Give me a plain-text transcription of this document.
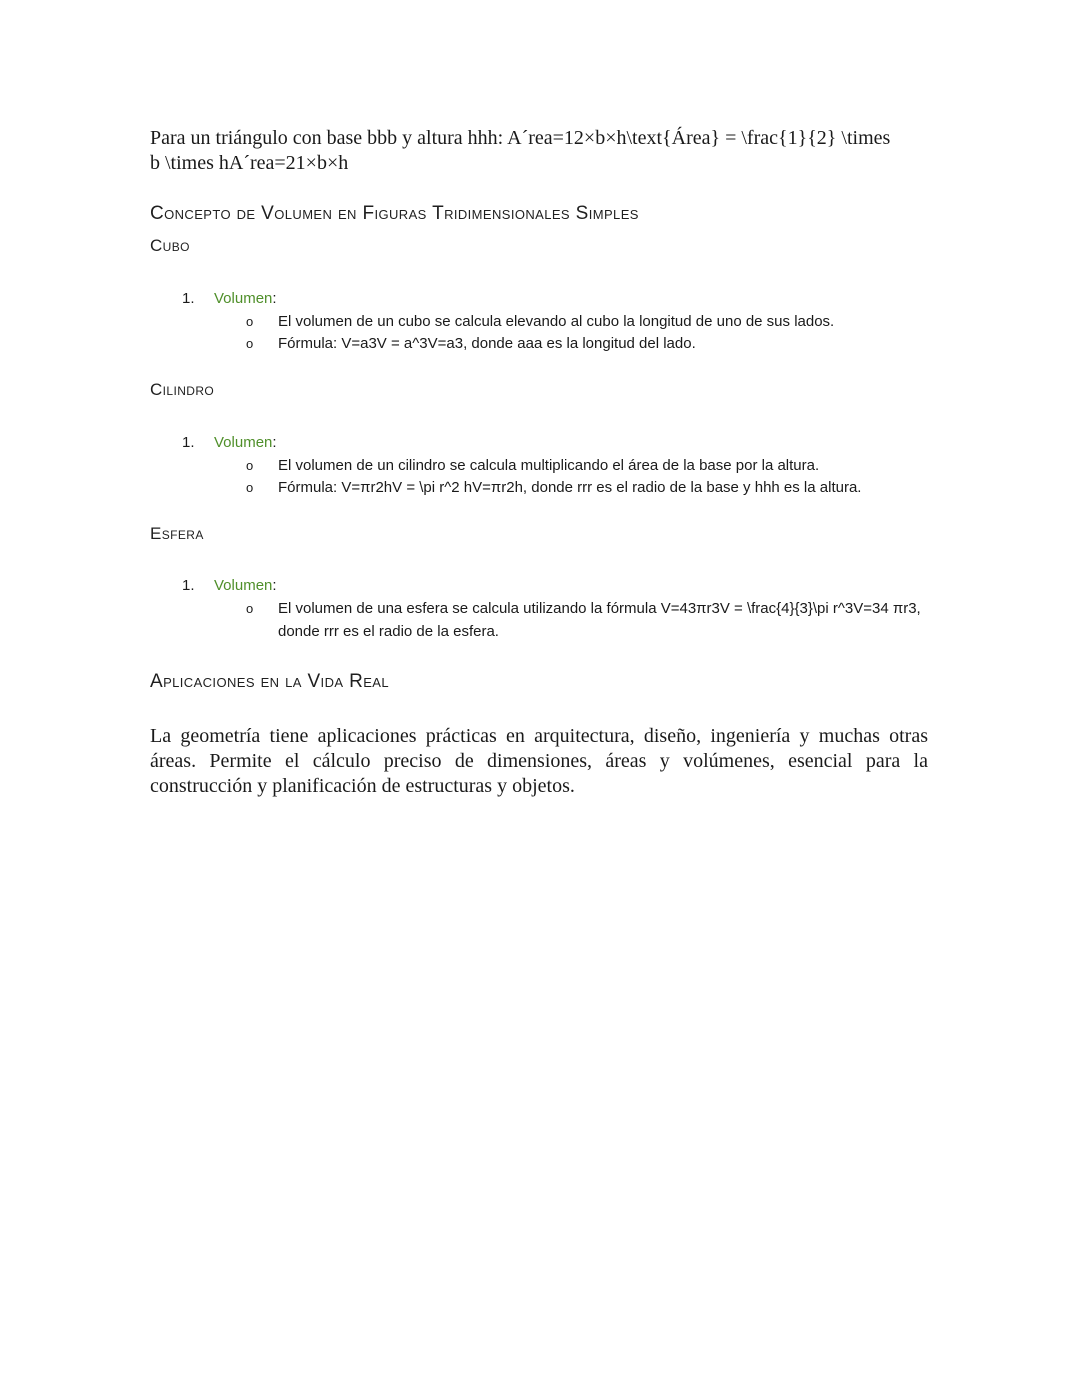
Para un triángulo con base bbb y altura hhh: A´rea=12×b×h\text{Área} = \frac{1}{2} \times
b \times hA´rea=21×b×h
Concepto de Volumen en Figuras Tridimensionales Simples
Cubo
1. Volumen:
o El volumen de un cubo se calcula elevando al cubo la longitud de uno de sus lados.
o Fórmula: V=a3V = a^3V=a3, donde aaa es la longitud del lado.
Cilindro
1. Volumen:
o El volumen de un cilindro se calcula multiplicando el área de la base por la altura.
o Fórmula: V=πr2hV = \pi r^2 hV=πr2h, donde rrr es el radio de la base y hhh es la altura.
Esfera
1. Volumen:
o El volumen de una esfera se calcula utilizando la fórmula V=43πr3V = \frac{4}{3}\pi r^3V=34 πr3, donde rrr es el radio de la esfera.
Aplicaciones en la Vida Real
La geometría tiene aplicaciones prácticas en arquitectura, diseño, ingeniería y muchas otras áreas. Permite el cálculo preciso de dimensiones, áreas y volúmenes, esencial para la construcción y planificación de estructuras y objetos.
